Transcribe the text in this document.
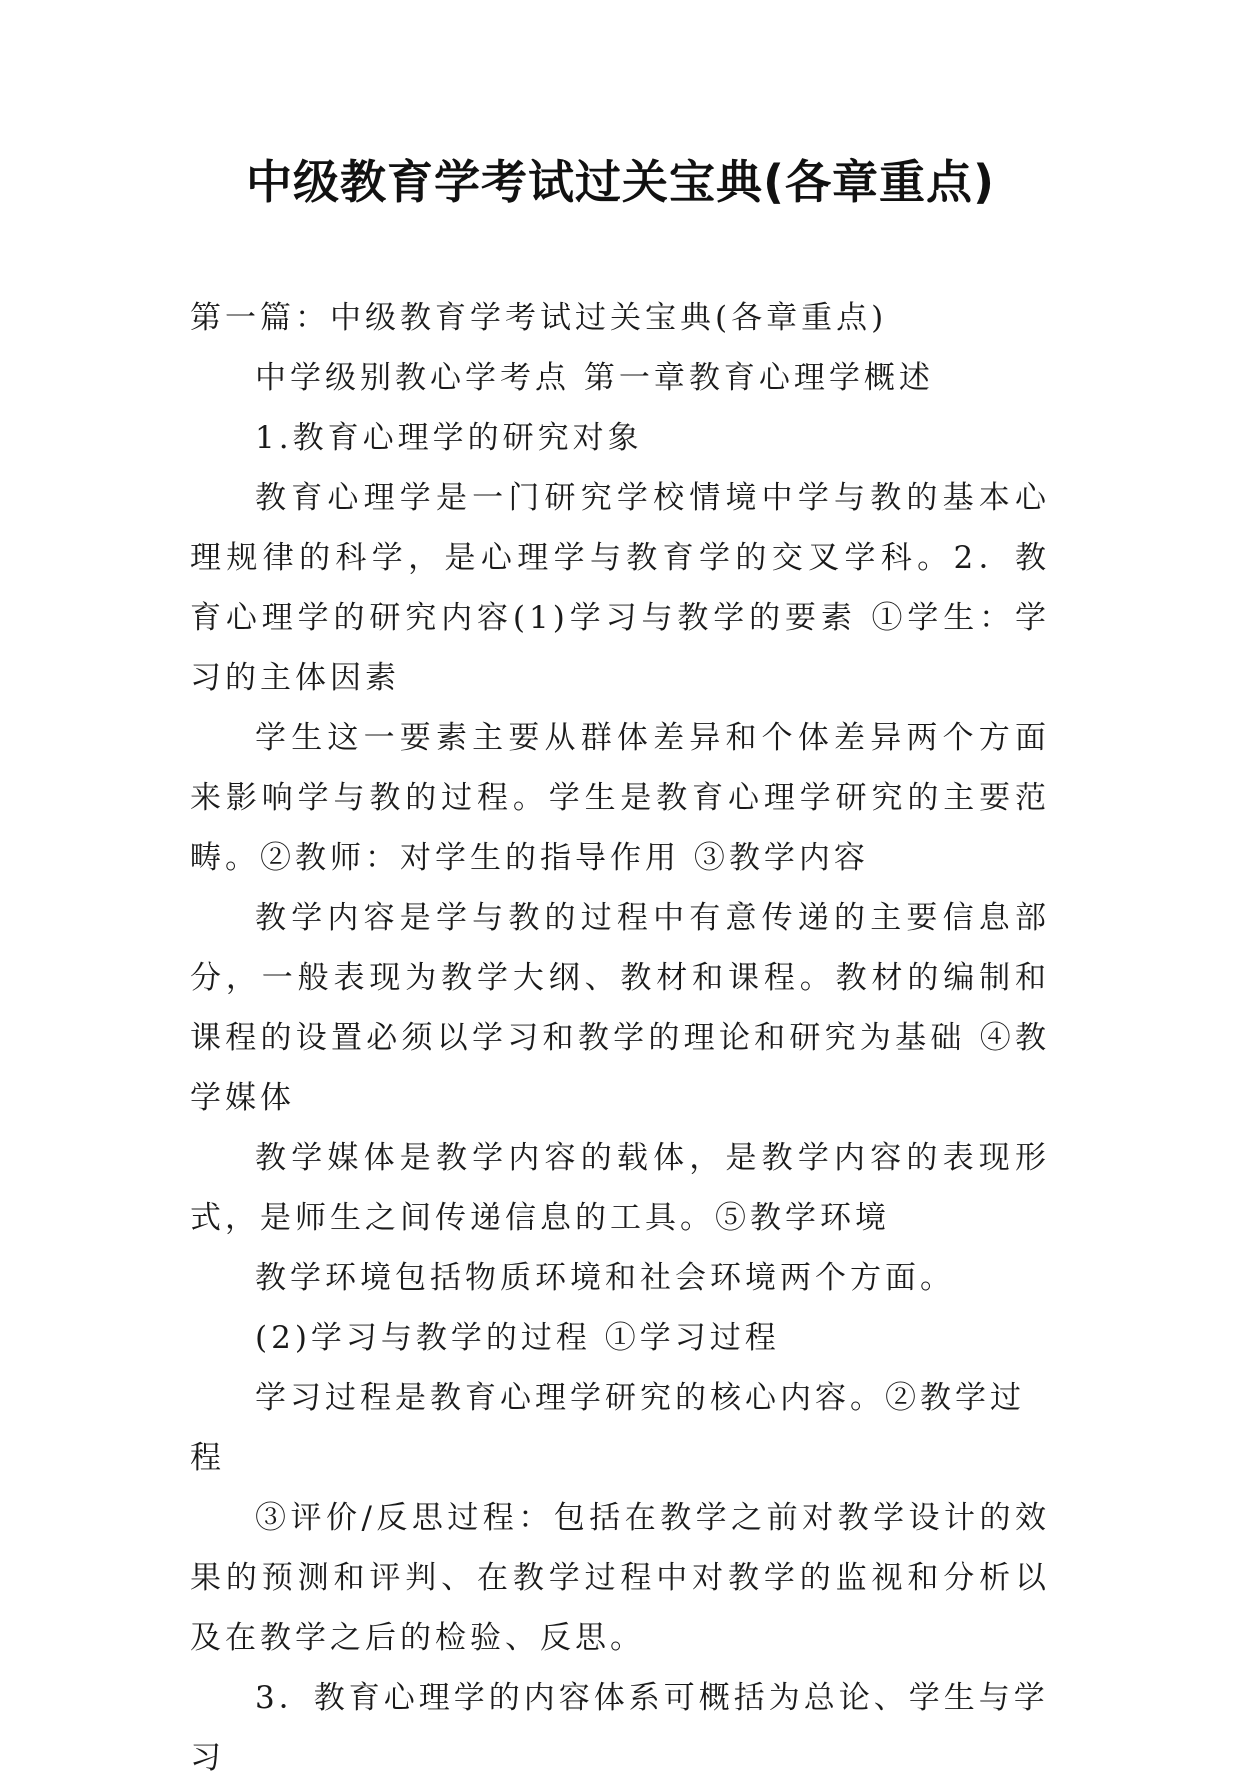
中级教育学考试过关宝典(各章重点)

第一篇：中级教育学考试过关宝典(各章重点)

中学级别教心学考点 第一章教育心理学概述

1.教育心理学的研究对象

教育心理学是一门研究学校情境中学与教的基本心理规律的科学，是心理学与教育学的交叉学科。2．教育心理学的研究内容(1)学习与教学的要素 ①学生：学习的主体因素

学生这一要素主要从群体差异和个体差异两个方面来影响学与教的过程。学生是教育心理学研究的主要范畴。②教师：对学生的指导作用 ③教学内容

教学内容是学与教的过程中有意传递的主要信息部分，一般表现为教学大纲、教材和课程。教材的编制和课程的设置必须以学习和教学的理论和研究为基础 ④教学媒体

教学媒体是教学内容的载体，是教学内容的表现形式，是师生之间传递信息的工具。⑤教学环境

教学环境包括物质环境和社会环境两个方面。

(2)学习与教学的过程 ①学习过程

学习过程是教育心理学研究的核心内容。②教学过程

③评价/反思过程：包括在教学之前对教学设计的效果的预测和评判、在教学过程中对教学的监视和分析以及在教学之后的检验、反思。

3．教育心理学的内容体系可概括为总论、学生与学习
